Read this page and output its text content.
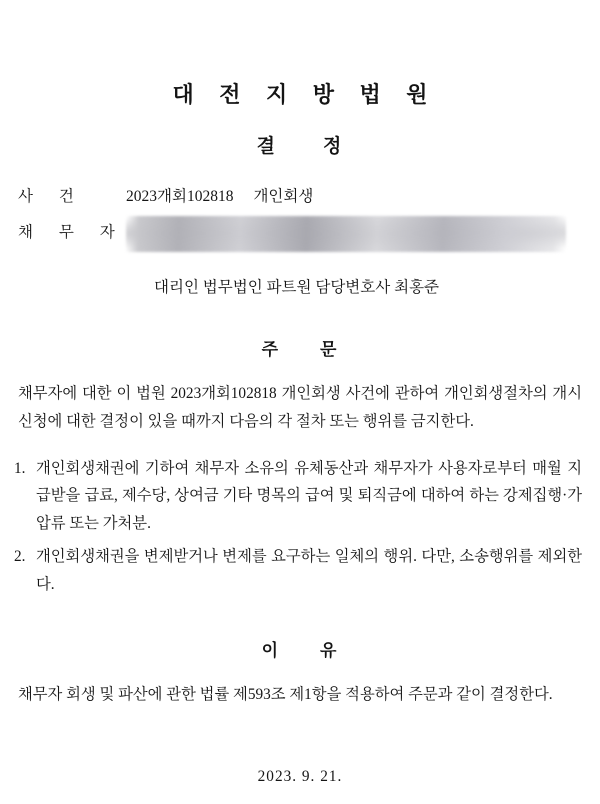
대 전 지 방 법 원
결 정
사 건	2023개회102818 개인회생
채 무 자
대리인 법무법인 파트원 담당변호사 최홍준
주 문
채무자에 대한 이 법원 2023개회102818 개인회생 사건에 관하여 개인회생절차의 개시 신청에 대한 결정이 있을 때까지 다음의 각 절차 또는 행위를 금지한다.
1. 개인회생채권에 기하여 채무자 소유의 유체동산과 채무자가 사용자로부터 매월 지급받을 급료, 제수당, 상여금 기타 명목의 급여 및 퇴직금에 대하여 하는 강제집행·가압류 또는 가처분.
2. 개인회생채권을 변제받거나 변제를 요구하는 일체의 행위. 다만, 소송행위를 제외한다.
이 유
채무자 회생 및 파산에 관한 법률 제593조 제1항을 적용하여 주문과 같이 결정한다.
2023. 9. 21.
